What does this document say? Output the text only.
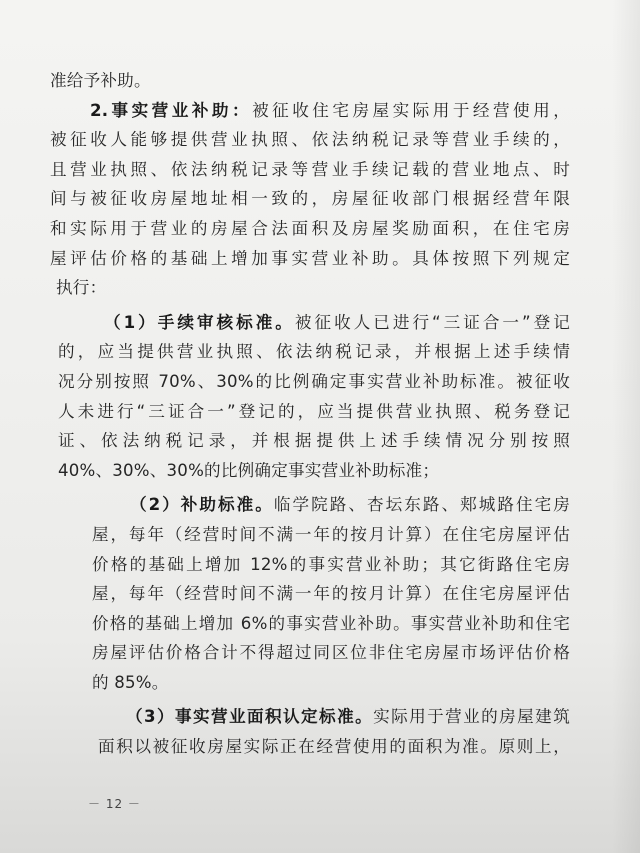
准给予补助。
2.事实营业补助：被征收住宅房屋实际用于经营使用，
被征收人能够提供营业执照、依法纳税记录等营业手续的，
且营业执照、依法纳税记录等营业手续记载的营业地点、时
间与被征收房屋地址相一致的，房屋征收部门根据经营年限
和实际用于营业的房屋合法面积及房屋奖励面积，在住宅房
屋评估价格的基础上增加事实营业补助。具体按照下列规定
执行：
（1）手续审核标准。被征收人已进行“三证合一”登记
的，应当提供营业执照、依法纳税记录，并根据上述手续情
况分别按照 70%、30%的比例确定事实营业补助标准。被征收
人未进行“三证合一”登记的，应当提供营业执照、税务登记
证、依法纳税记录，并根据提供上述手续情况分别按照
40%、30%、30%的比例确定事实营业补助标准；
（2）补助标准。临学院路、杏坛东路、郏城路住宅房
屋，每年（经营时间不满一年的按月计算）在住宅房屋评估
价格的基础上增加 12%的事实营业补助；其它街路住宅房
屋，每年（经营时间不满一年的按月计算）在住宅房屋评估
价格的基础上增加 6%的事实营业补助。事实营业补助和住宅
房屋评估价格合计不得超过同区位非住宅房屋市场评估价格
的 85%。
（3）事实营业面积认定标准。实际用于营业的房屋建筑
面积以被征收房屋实际正在经营使用的面积为准。原则上，
－ 12 －
